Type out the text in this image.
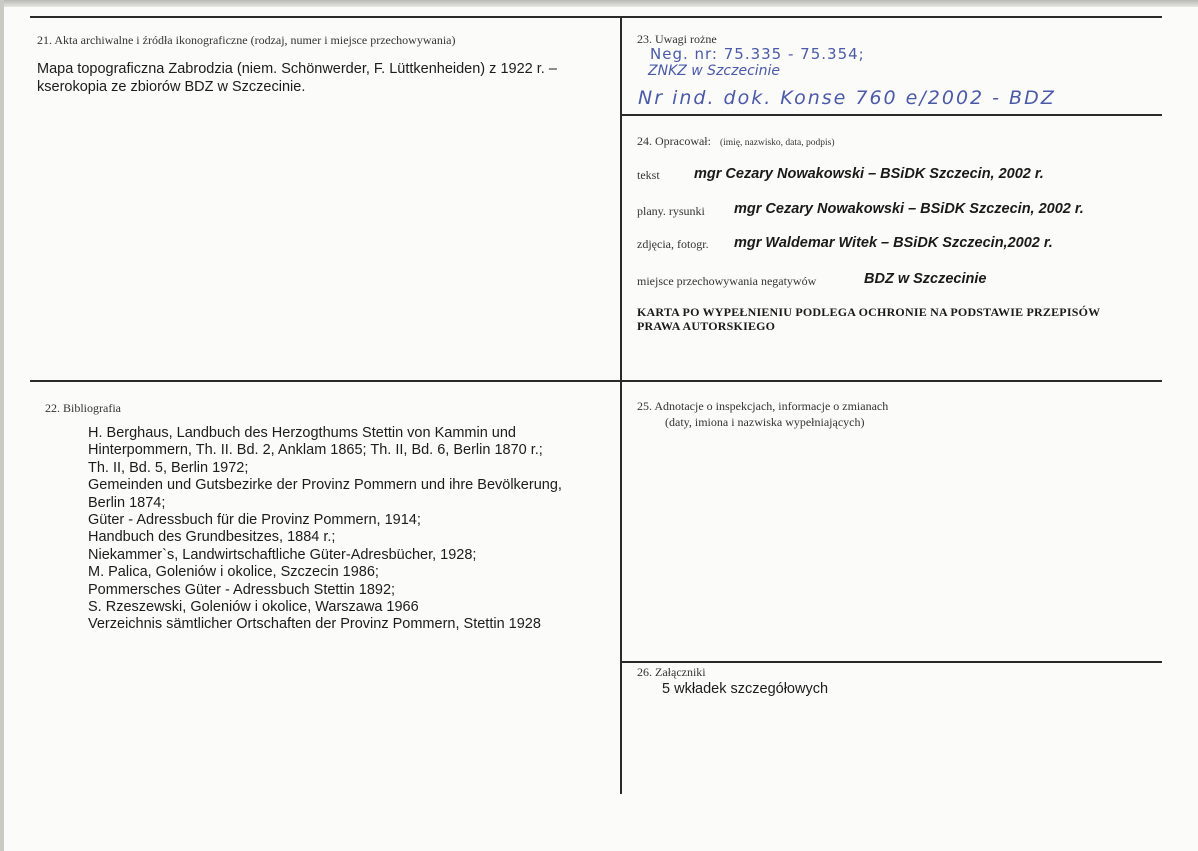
21. Akta archiwalne i źródła ikonograficzne (rodzaj, numer i miejsce przechowywania)
Mapa topograficzna Zabrodzia (niem. Schönwerder, F. Lüttkenheiden) z 1922 r. –
kserokopia ze zbiorów BDZ w Szczecinie.
23. Uwagi rożne
Neg. nr: 75.335 - 75.354;
ZNKZ w Szczecinie
Nr ind. dok. Konse 760 e/2002 - BDZ
24. Opracował: (imię, nazwisko, data, podpis)
tekst mgr Cezary Nowakowski – BSiDK Szczecin, 2002 r.
plany. rysunki mgr Cezary Nowakowski – BSiDK Szczecin, 2002 r.
zdjęcia, fotogr. mgr Waldemar Witek – BSiDK Szczecin,2002 r.
miejsce przechowywania negatywów	BDZ w Szczecinie
KARTA PO WYPEŁNIENIU PODLEGA OCHRONIE NA PODSTAWIE PRZEPISÓW
PRAWA AUTORSKIEGO
22. Bibliografia
H. Berghaus, Landbuch des Herzogthums Stettin von Kammin und
Hinterpommern, Th. II. Bd. 2, Anklam 1865; Th. II, Bd. 6, Berlin 1870 r.;
Th. II, Bd. 5, Berlin 1972;
Gemeinden und Gutsbezirke der Provinz Pommern und ihre Bevölkerung,
Berlin 1874;
Güter - Adressbuch für die Provinz Pommern, 1914;
Handbuch des Grundbesitzes, 1884 r.;
Niekammer`s, Landwirtschaftliche Güter-Adresbücher, 1928;
M. Palica, Goleniów i okolice, Szczecin 1986;
Pommersches Güter - Adressbuch Stettin 1892;
S. Rzeszewski, Goleniów i okolice, Warszawa 1966
Verzeichnis sämtlicher Ortschaften der Provinz Pommern, Stettin 1928
25. Adnotacje o inspekcjach, informacje o zmianach
(daty, imiona i nazwiska wypełniających)
26. Załączniki
5 wkładek szczegółowych
